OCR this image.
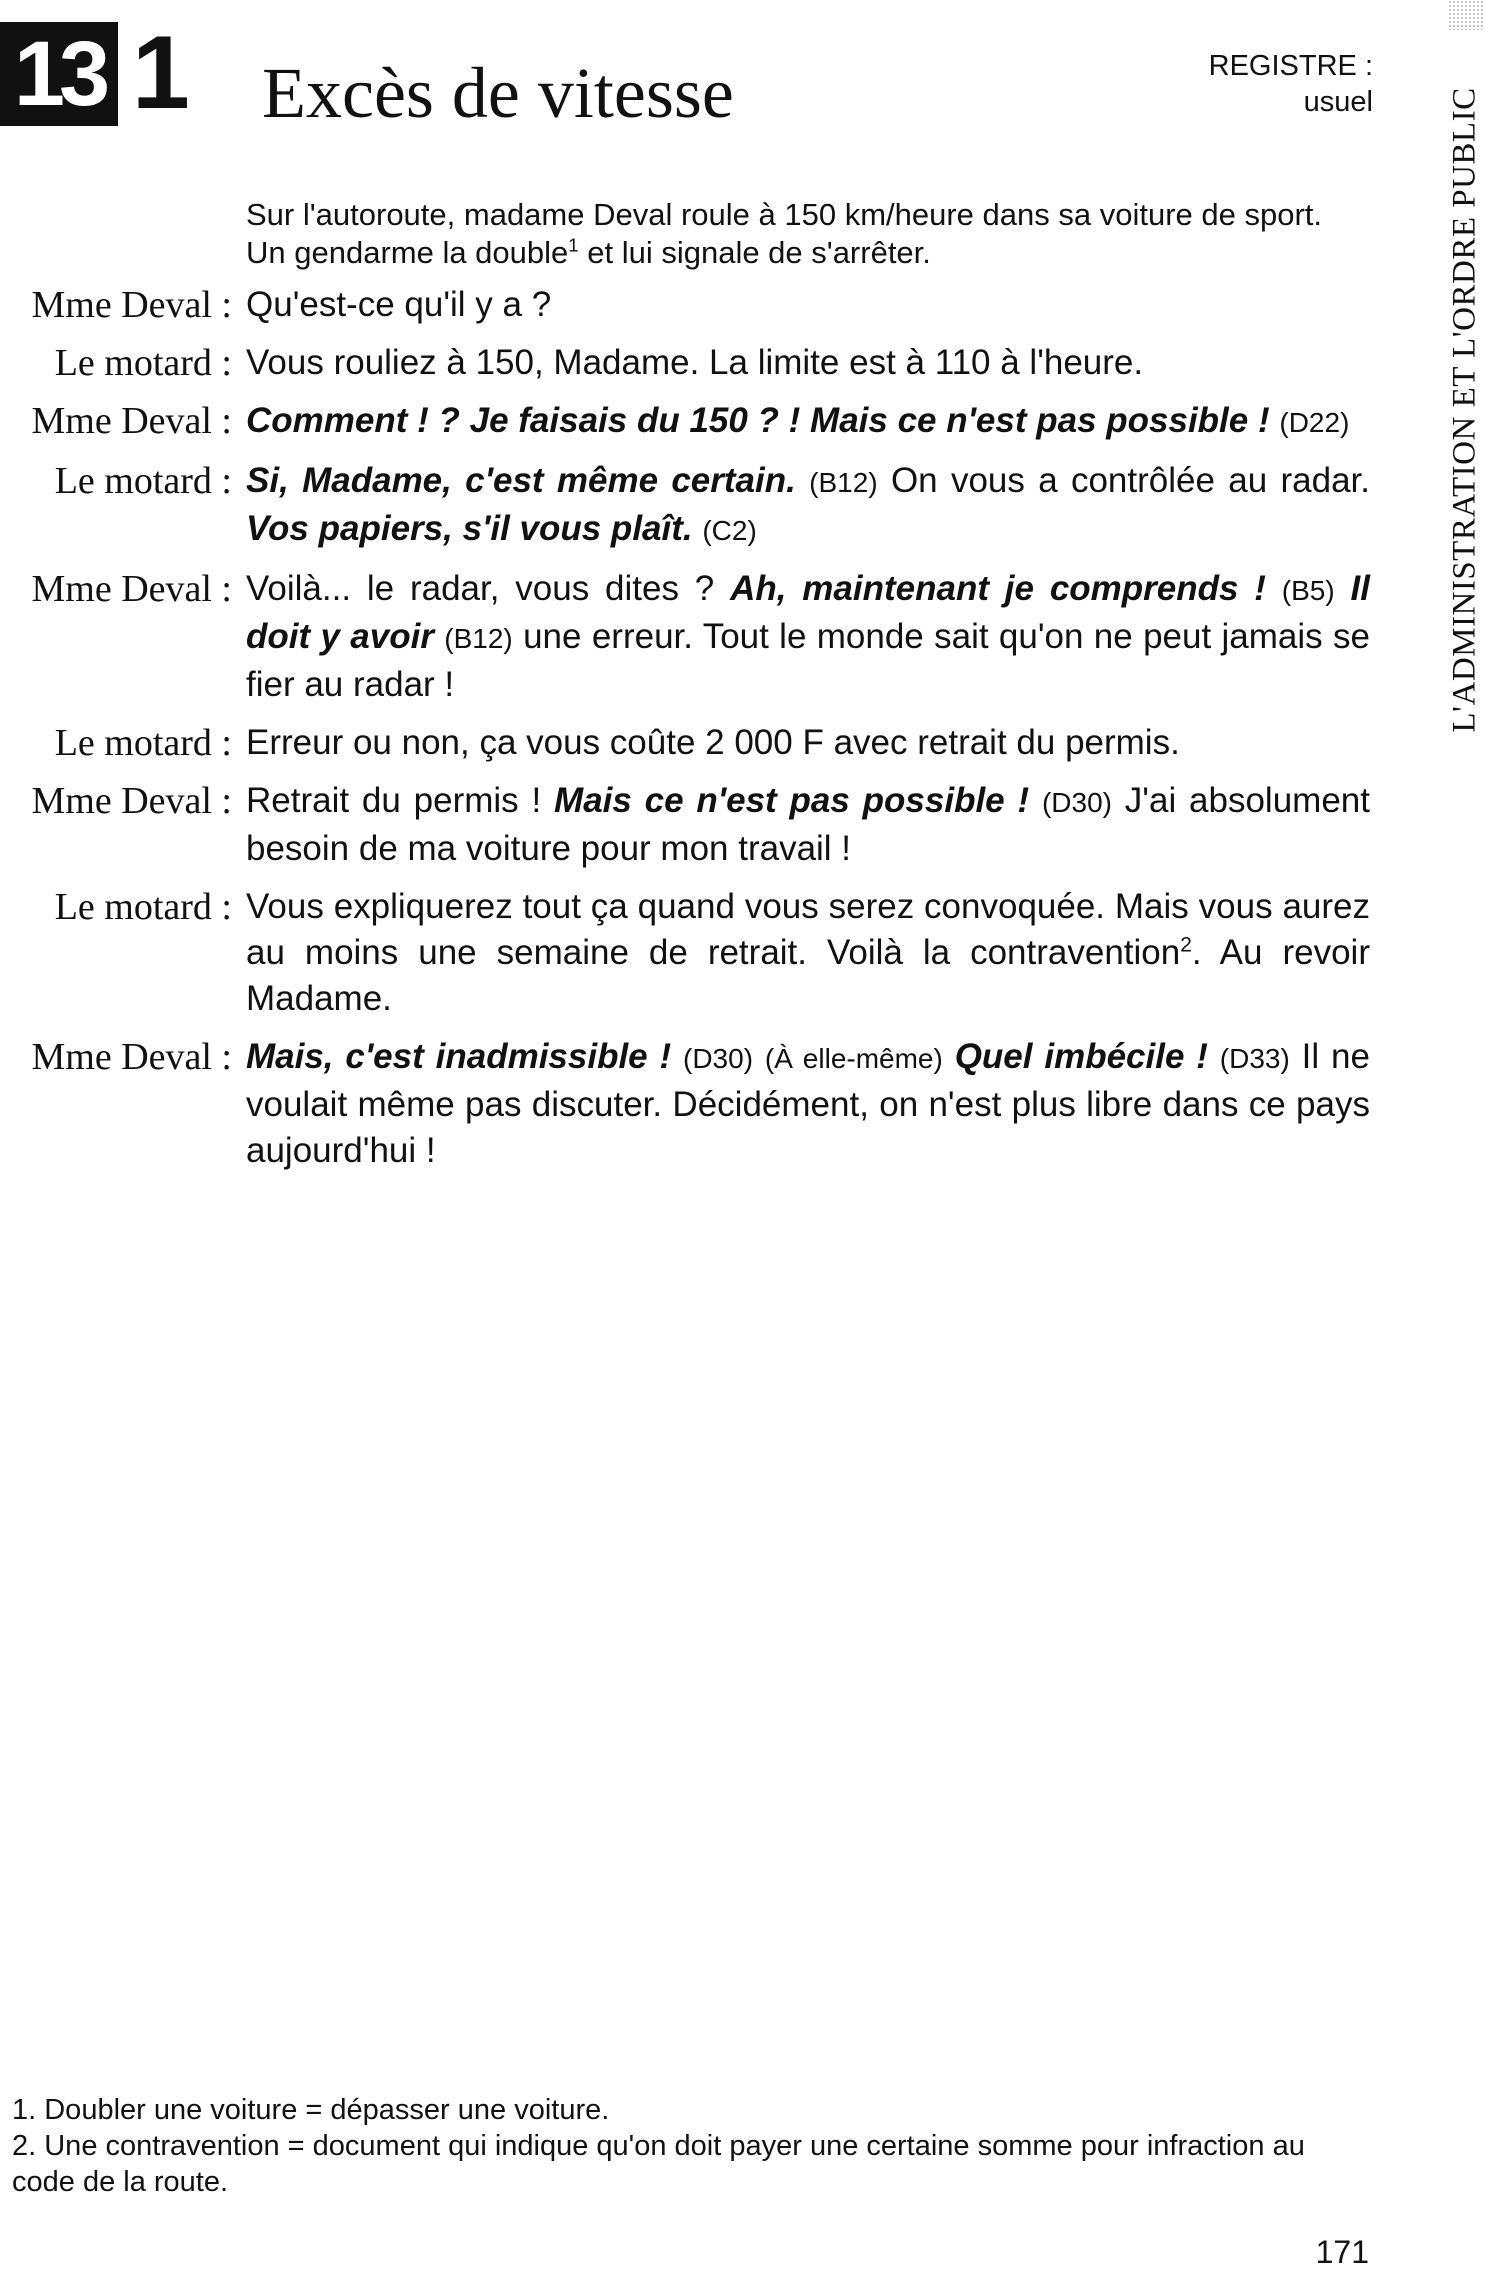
13 1 Excès de vitesse	REGISTRE :
usuel L'ADMINISTRATION ET L'ORDRE PUBLIC
Sur l'autoroute, madame Deval roule à 150 km/heure dans sa voiture de sport. Un gendarme la double$^1$ et lui signale de s'arrêter.
Mme Deval : Qu'est-ce qu'il y a ?
Le motard : Vous rouliez à 150, Madame. La limite est à 110 à l'heure.
Mme Deval : Comment ! ? Je faisais du 150 ? ! Mais ce n'est pas possible ! (D22)
Le motard : Si, Madame, c'est même certain. (B12) On vous a contrôlée au radar. Vos papiers, s'il vous plaît. (C2)
Mme Deval : Voilà... le radar, vous dites ? Ah, maintenant je comprends ! (B5) Il doit y avoir (B12) une erreur. Tout le monde sait qu'on ne peut jamais se fier au radar !
Le motard : Erreur ou non, ça vous coûte 2 000 F avec retrait du permis.
Mme Deval : Retrait du permis ! Mais ce n'est pas possible ! (D30) J'ai absolument besoin de ma voiture pour mon travail !
Le motard : Vous expliquerez tout ça quand vous serez convoquée. Mais vous aurez au moins une semaine de retrait. Voilà la contravention$^2$. Au revoir Madame.
Mme Deval : Mais, c'est inadmissible ! (D30) (À elle-même) Quel imbécile ! (D33) Il ne voulait même pas discuter. Décidément, on n'est plus libre dans ce pays aujourd'hui !

1. Doubler une voiture = dépasser une voiture.

2. Une contravention = document qui indique qu'on doit payer une certaine somme pour infraction au code de la route.

171
